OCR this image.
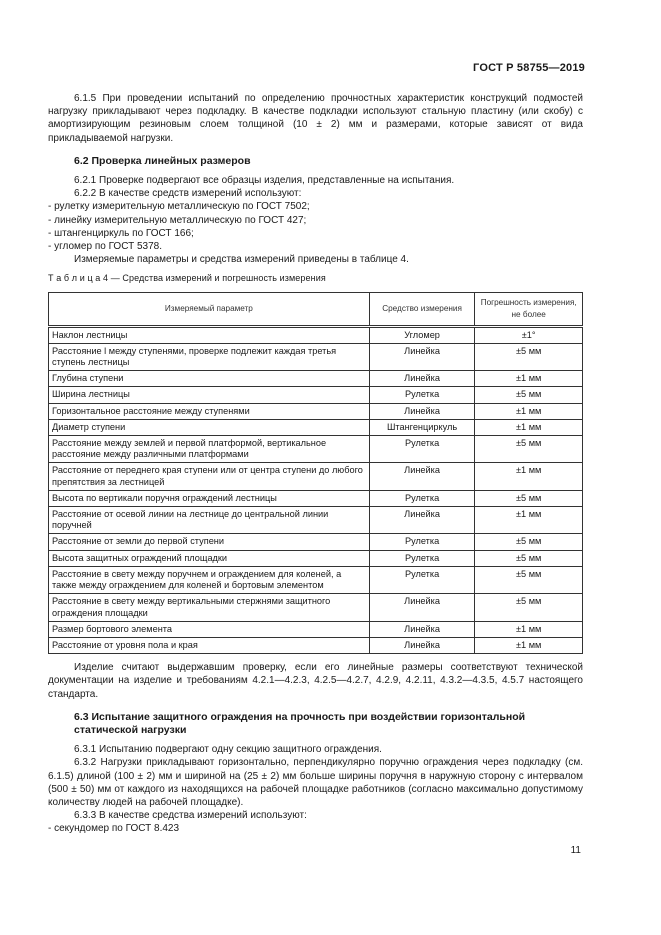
ГОСТ Р 58755—2019

6.1.5 При проведении испытаний по определению прочностных характеристик конструкций подмостей нагрузку прикладывают через подкладку. В качестве подкладки используют стальную пластину (или скобу) с амортизирующим резиновым слоем толщиной (10 ± 2) мм и размерами, которые зависят от вида прикладываемой нагрузки.

6.2 Проверка линейных размеров

6.2.1 Проверке подвергают все образцы изделия, представленные на испытания.

6.2.2 В качестве средств измерений используют:

- рулетку измерительную металлическую по ГОСТ 7502;

- линейку измерительную металлическую по ГОСТ 427;

- штангенциркуль по ГОСТ 166;

- угломер по ГОСТ 5378.

Измеряемые параметры и средства измерений приведены в таблице 4.

Т а б л и ц а 4 — Средства измерений и погрешность измерения
Измеряемый параметр	Средство измерения	Погрешность измерения, не более
Наклон лестницы	Угломер	±1°
Расстояние l между ступенями, проверке подлежит каждая третья ступень лестницы	Линейка	±5 мм
Глубина ступени	Линейка	±1 мм
Ширина лестницы	Рулетка	±5 мм
Горизонтальное расстояние между ступенями	Линейка	±1 мм
Диаметр ступени	Штангенциркуль	±1 мм
Расстояние между землей и первой платформой, вертикальное расстояние между различными платформами	Рулетка	±5 мм
Расстояние от переднего края ступени или от центра ступени до любого препятствия за лестницей	Линейка	±1 мм
Высота по вертикали поручня ограждений лестницы	Рулетка	±5 мм
Расстояние от осевой линии на лестнице до центральной линии поручней	Линейка	±1 мм
Расстояние от земли до первой ступени	Рулетка	±5 мм
Высота защитных ограждений площадки	Рулетка	±5 мм
Расстояние в свету между поручнем и ограждением для коленей, а также между ограждением для коленей и бортовым элементом	Рулетка	±5 мм
Расстояние в свету между вертикальными стержнями защитного ограждения площадки	Линейка	±5 мм
Размер бортового элемента	Линейка	±1 мм
Расстояние от уровня пола и края	Линейка	±1 мм

Изделие считают выдержавшим проверку, если его линейные размеры соответствуют технической документации на изделие и требованиям 4.2.1—4.2.3, 4.2.5—4.2.7, 4.2.9, 4.2.11, 4.3.2—4.3.5, 4.5.7 настоящего стандарта.

6.3 Испытание защитного ограждения на прочность при воздействии горизонтальной статической нагрузки

6.3.1 Испытанию подвергают одну секцию защитного ограждения.

6.3.2 Нагрузки прикладывают горизонтально, перпендикулярно поручню ограждения через подкладку (см. 6.1.5) длиной (100 ± 2) мм и шириной на (25 ± 2) мм больше ширины поручня в наружную сторону с интервалом (500 ± 50) мм от каждого из находящихся на рабочей площадке работников (согласно максимально допустимому количеству людей на рабочей площадке).

6.3.3 В качестве средства измерений используют:

- секундомер по ГОСТ 8.423

11
